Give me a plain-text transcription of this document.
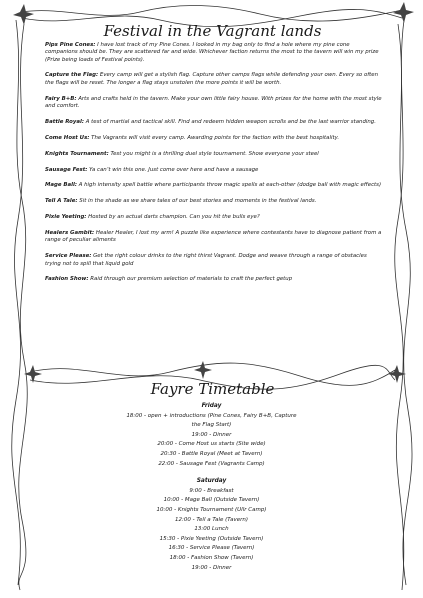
Festival in the Vagrant lands

Pips Pine Cones: I have lost track of my Pine Cones. I looked in my bag only to find a hole where my pine cone companions should be. They are scattered far and wide. Whichever faction returns the most to the tavern will win my prize (Prize being loads of Festival points).

Capture the Flag: Every camp will get a stylish flag. Capture other camps flags while defending your own. Every so often the flags will be reset. The longer a flag stays unstolen the more points it will be worth.

Fairy B+B: Arts and crafts held in the tavern. Make your own little fairy house. With prizes for the home with the most style and comfort.

Battle Royal: A test of martial and tactical skill. Find and redeem hidden weapon scrolls and be the last warrior standing.

Come Host Us: The Vagrants will visit every camp. Awarding points for the faction with the best hospitality.

Knights Tournament: Test you might is a thrilling duel style tournament. Show everyone your steel

Sausage Fest: Ya can’t win this one. Just come over here and have a sausage

Mage Ball: A high intensity spell battle where participants throw magic spells at each-other (dodge ball with magic effects)

Tell A Tale: Sit in the shade as we share tales of our best stories and moments in the festival lands.

Pixie Yeeting: Hosted by an actual darts champion. Can you hit the bulls eye?

Healers Gambit: Healer Healer, I lost my arm! A puzzle like experience where contestants have to diagnose patient from a range of peculiar aliments

Service Please: Get the right colour drinks to the right thirst Vagrant. Dodge and weave through a range of obstacles trying not to spill that liquid gold

Fashion Show: Raid through our premium selection of materials to craft the perfect getup

Fayre Timetable
Friday
18:00 - open + introductions (Pine Cones, Fairy B+B, Capture
the Flag Start)
19:00 - Dinner
20:00 - Come Host us starts (Site wide)
20:30 - Battle Royal (Meet at Tavern)
22:00 - Sausage Fest (Vagrants Camp)
Saturday
9:00 - Breakfast
10:00 - Mage Ball (Outside Tavern)
10:00 - Knights Tournament (Ullr Camp)
12:00 - Tell a Tale (Tavern)
13:00 Lunch
15:30 - Pixie Yeeting (Outside Tavern)
16:30 - Service Please (Tavern)
18:00 - Fashion Show (Tavern)
19:00 - Dinner
